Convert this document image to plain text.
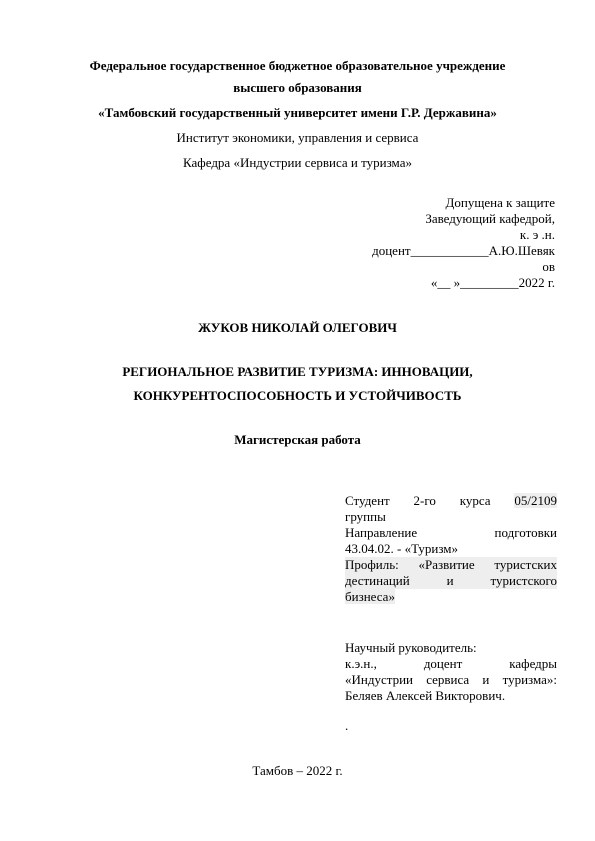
Федеральное государственное бюджетное образовательное учреждение
высшего образования
«Тамбовский государственный университет имени Г.Р. Державина»
Институт экономики, управления и сервиса
Кафедра «Индустрии сервиса и туризма»
Допущена к защите
Заведующий кафедрой,
к. э .н.
доцент____________А.Ю.Шевяк
ов
«__ »_________2022 г.
ЖУКОВ НИКОЛАЙ ОЛЕГОВИЧ
РЕГИОНАЛЬНОЕ РАЗВИТИЕ ТУРИЗМА: ИННОВАЦИИ,
КОНКУРЕНТОСПОСОБНОСТЬ И УСТОЙЧИВОСТЬ
Магистерская работа
Студент 2-го курса 05/2109
группы
Направление	подготовки
43.04.02. - «Туризм»
Профиль: «Развитие туристских
дестинаций	и	туристского
бизнеса»
Научный руководитель:
к.э.н.,	доцент	кафедры
«Индустрии сервиса и туризма»:
Беляев Алексей Викторович.
.
Тамбов – 2022 г.
